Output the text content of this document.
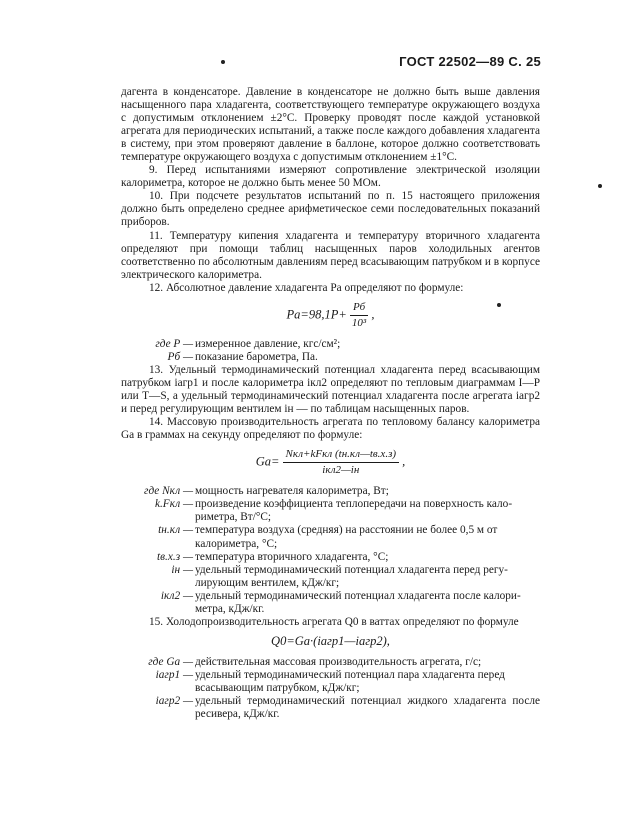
ГОСТ 22502—89 С. 25

дагента в конденсаторе. Давление в конденсаторе не должно быть выше давления насыщенного пара хладагента, соответствующего температуре окружающего воздуха с допустимым отклонением ±2°С. Проверку проводят после каждой установкой агрегата для периодических испытаний, а также после каждого добавления хладагента в систему, при этом проверяют давление в баллоне, которое должно соответствовать температуре окружающего воздуха с допустимым отклонением ±1°С.

9. Перед испытаниями измеряют сопротивление электрической изоляции калориметра, которое не должно быть менее 50 МОм.

10. При подсчете результатов испытаний по п. 15 настоящего приложения должно быть определено среднее арифметическое семи последовательных показаний приборов.

11. Температуру кипения хладагента и температуру вторичного хладагента определяют при помощи таблиц насыщенных паров холодильных агентов соответственно по абсолютным давлениям перед всасывающим патрубком и в корпусе электрического калориметра.

12. Абсолютное давление хладагента Pа определяют по формуле:

$Pа=98,1P+ \frac{Pб}{\text{10³}}$ ,
где P — измеренное давление, кгс/см²;
Pб — показание барометра, Па.

13. Удельный термодинамический потенциал хладагента перед всасывающим патрубком iагр1 и после калориметра iкл2 определяют по тепловым диаграммам I—P или T—S, а удельный термодинамический потенциал хладагента после агрегата iагр2 и перед регулирующим вентилем iн — по таблицам насыщенных паров.

14. Массовую производительность агрегата по тепловому балансу калориметра Gа в граммах на секунду определяют по формуле:

$Gа= \frac{\text{Nкл+kFкл (tн.кл—tв.х.з)}}{\text{iкл2—iн}}$ ,
где Nкл — мощность нагревателя калориметра, Вт;
k.Fкл — произведение коэффициента теплопередачи на поверхность кало-
риметра, Вт/°С;
tн.кл — температура воздуха (средняя) на расстоянии не более 0,5 м от
калориметра, °С;
tв.х.з — температура вторичного хладагента, °С;
iн — удельный термодинамический потенциал хладагента перед регу-
лирующим вентилем, кДж/кг;
iкл2 — удельный термодинамический потенциал хладагента после калори-
метра, кДж/кг.

15. Холодопроизводительность агрегата Q0 в ваттах определяют по формуле

Q0=Gа·(iагр1—iагр2),
где Gа — действительная массовая производительность агрегата, г/с;
iагр1 — удельный термодинамический потенциал пара хладагента перед
всасывающим патрубком, кДж/кг;
iагр2 — удельный термодинамический потенциал жидкого хладагента после ресивера, кДж/кг.
